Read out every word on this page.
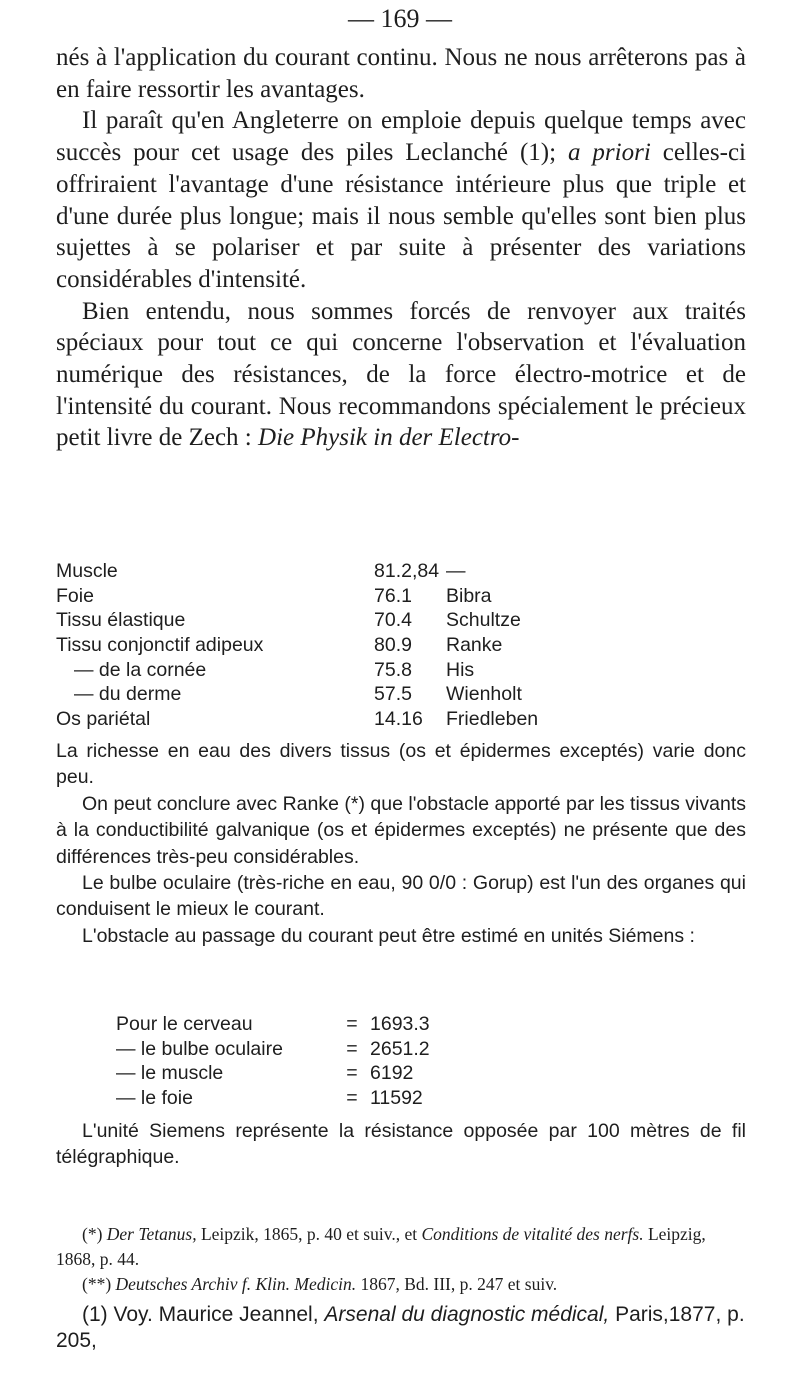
— 169 —

nés à l'application du courant continu. Nous ne nous arrêterons pas à en faire ressortir les avantages.

Il paraît qu'en Angleterre on emploie depuis quelque temps avec succès pour cet usage des piles Leclanché (1); a priori celles-ci offriraient l'avantage d'une résistance intérieure plus que triple et d'une durée plus longue; mais il nous semble qu'elles sont bien plus sujettes à se polariser et par suite à présenter des variations considérables d'intensité.

Bien entendu, nous sommes forcés de renvoyer aux traités spéciaux pour tout ce qui concerne l'observation et l'évaluation numérique des résistances, de la force électro-motrice et de l'intensité du courant. Nous recommandons spécialement le précieux petit livre de Zech : Die Physik in der Electro-

Muscle	81.2,84	—
Foie	76.1	Bibra
Tissu élastique	70.4	Schultze
Tissu conjonctif adipeux	80.9	Ranke
— de la cornée	75.8	His
— du derme	57.5	Wienholt
Os pariétal	14.16	Friedleben

La richesse en eau des divers tissus (os et épidermes exceptés) varie donc peu.

On peut conclure avec Ranke (*) que l'obstacle apporté par les tissus vivants à la conductibilité galvanique (os et épidermes exceptés) ne présente que des différences très-peu considérables.

Le bulbe oculaire (très-riche en eau, 90 0/0 : Gorup) est l'un des organes qui conduisent le mieux le courant.

L'obstacle au passage du courant peut être estimé en unités Siémens :

Pour le cerveau	=	1693.3
— le bulbe oculaire	=	2651.2
— le muscle	=	6192
— le foie	=	11592

L'unité Siemens représente la résistance opposée par 100 mètres de fil télégraphique.

(*) Der Tetanus, Leipzik, 1865, p. 40 et suiv., et Conditions de vitalité des nerfs. Leipzig, 1868, p. 44.

(**) Deutsches Archiv f. Klin. Medicin. 1867, Bd. III, p. 247 et suiv.

(1) Voy. Maurice Jeannel, Arsenal du diagnostic médical, Paris,1877, p. 205,
